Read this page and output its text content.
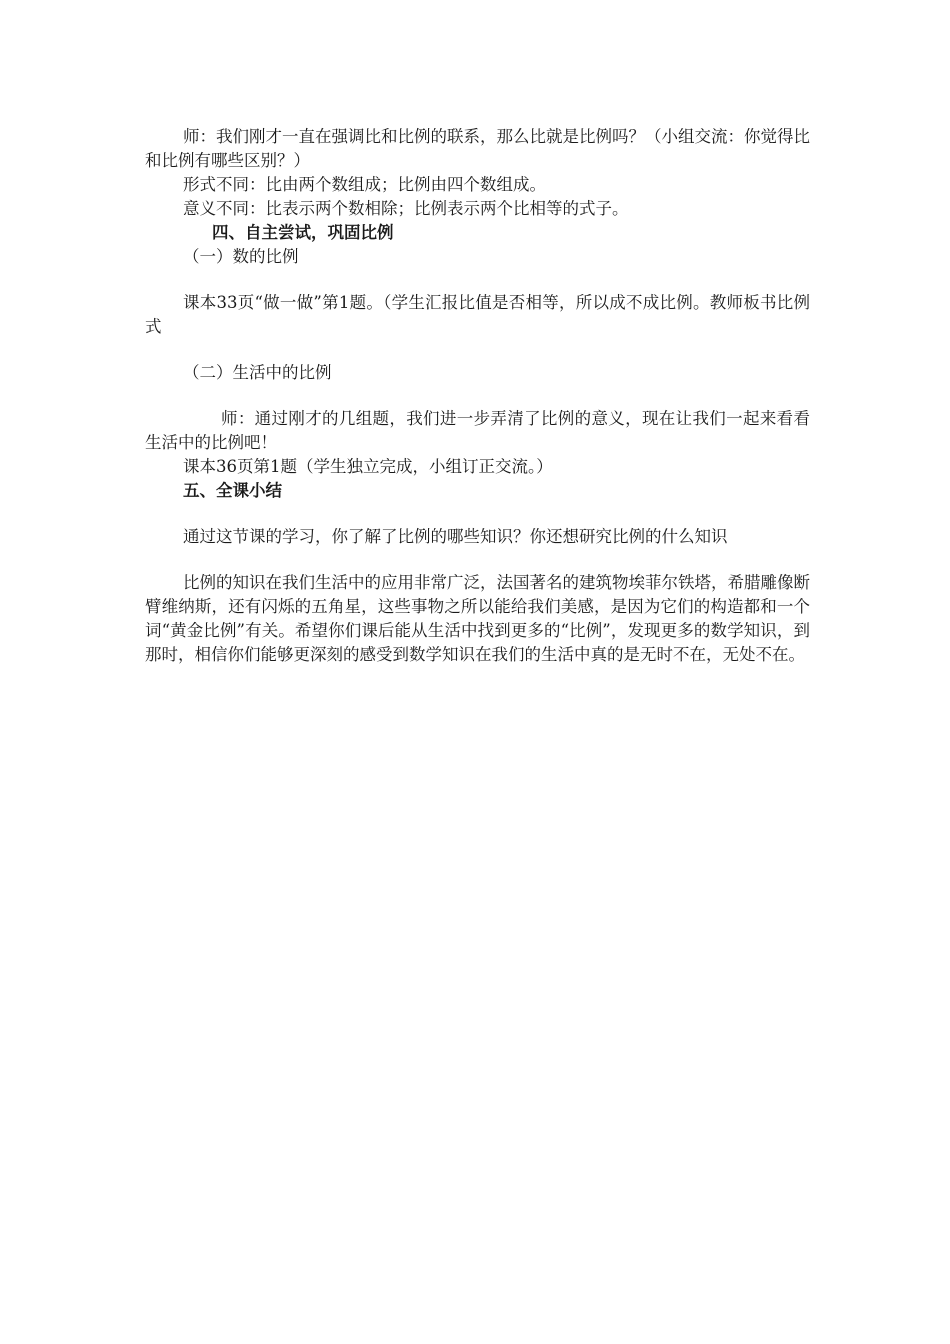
师：我们刚才一直在强调比和比例的联系，那么比就是比例吗？（小组交流：你觉得比和比例有哪些区别？）

形式不同：比由两个数组成；比例由四个数组成。

意义不同：比表示两个数相除；比例表示两个比相等的式子。

四、自主尝试，巩固比例

（一）数的比例

课本33页“做一做”第1题。（学生汇报比值是否相等，所以成不成比例。教师板书比例式

（二）生活中的比例

师：通过刚才的几组题，我们进一步弄清了比例的意义，现在让我们一起来看看生活中的比例吧！

课本36页第1题（学生独立完成，小组订正交流。）

五、全课小结

通过这节课的学习，你了解了比例的哪些知识？你还想研究比例的什么知识

比例的知识在我们生活中的应用非常广泛，法国著名的建筑物埃菲尔铁塔，希腊雕像断臂维纳斯，还有闪烁的五角星，这些事物之所以能给我们美感，是因为它们的构造都和一个词“黄金比例”有关。希望你们课后能从生活中找到更多的“比例”，发现更多的数学知识，到那时，相信你们能够更深刻的感受到数学知识在我们的生活中真的是无时不在，无处不在。
